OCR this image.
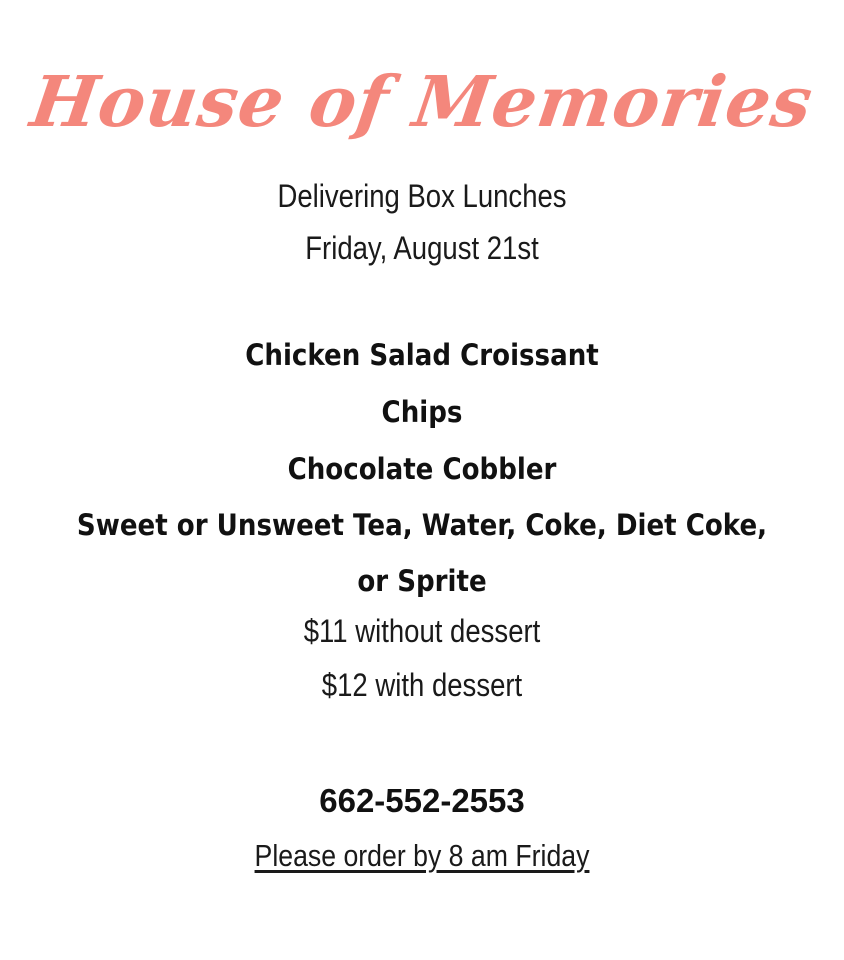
House of Memories
Delivering Box Lunches
Friday, August 21st
Chicken Salad Croissant
Chips
Chocolate Cobbler
Sweet or Unsweet Tea, Water, Coke, Diet Coke,
or Sprite
$11 without dessert
$12 with dessert
662-552-2553
Please order by 8 am Friday
